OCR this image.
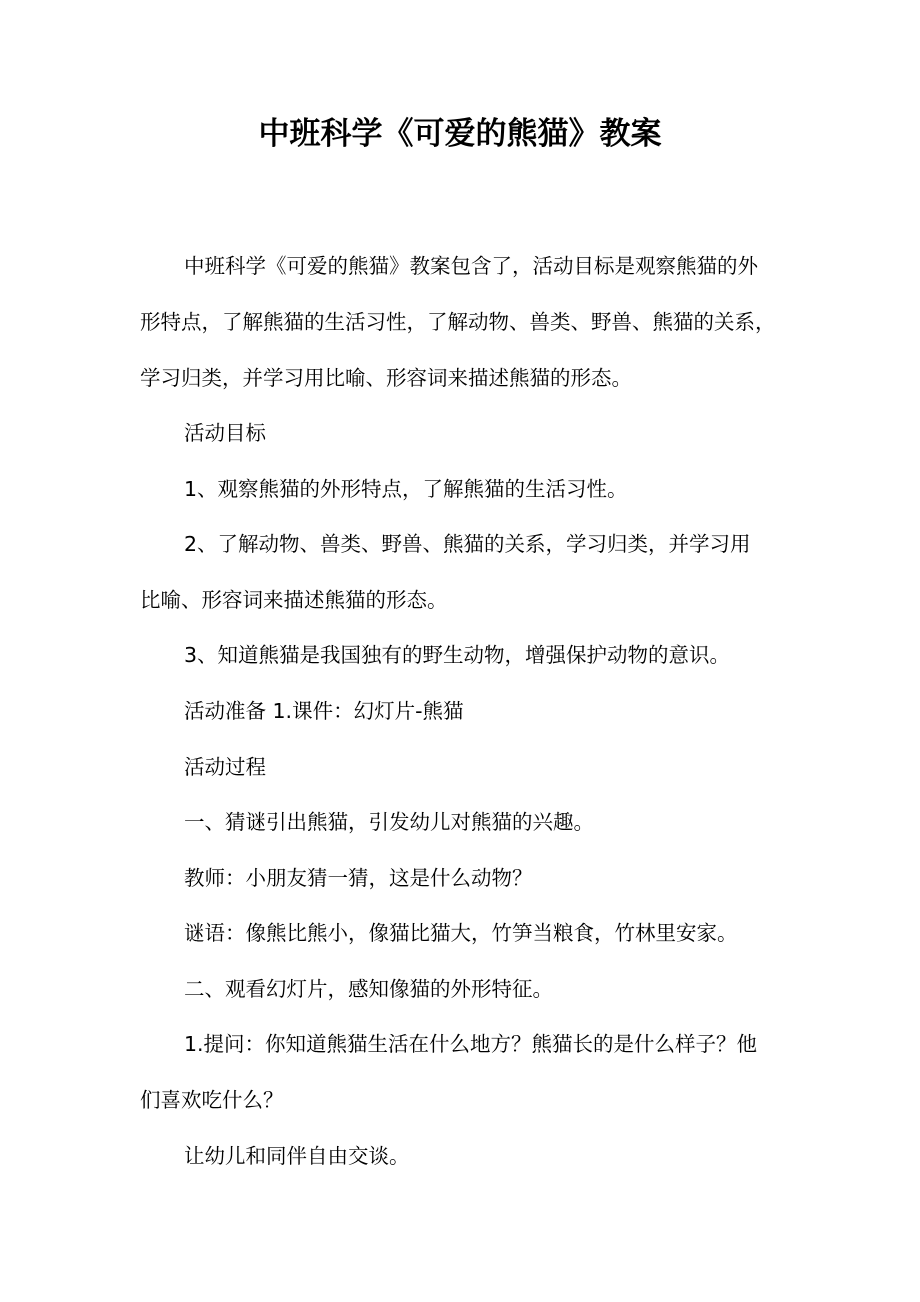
中班科学《可爱的熊猫》教案
中班科学《可爱的熊猫》教案包含了，活动目标是观察熊猫的外
形特点，了解熊猫的生活习性，了解动物、兽类、野兽、熊猫的关系，
学习归类，并学习用比喻、形容词来描述熊猫的形态。
活动目标
1、观察熊猫的外形特点，了解熊猫的生活习性。
2、了解动物、兽类、野兽、熊猫的关系，学习归类，并学习用
比喻、形容词来描述熊猫的形态。
3、知道熊猫是我国独有的野生动物，增强保护动物的意识。
活动准备 1.课件：幻灯片-熊猫
活动过程
一、猜谜引出熊猫，引发幼儿对熊猫的兴趣。
教师：小朋友猜一猜，这是什么动物？
谜语：像熊比熊小，像猫比猫大，竹笋当粮食，竹林里安家。
二、观看幻灯片，感知像猫的外形特征。
1.提问：你知道熊猫生活在什么地方？熊猫长的是什么样子？他
们喜欢吃什么？
让幼儿和同伴自由交谈。
